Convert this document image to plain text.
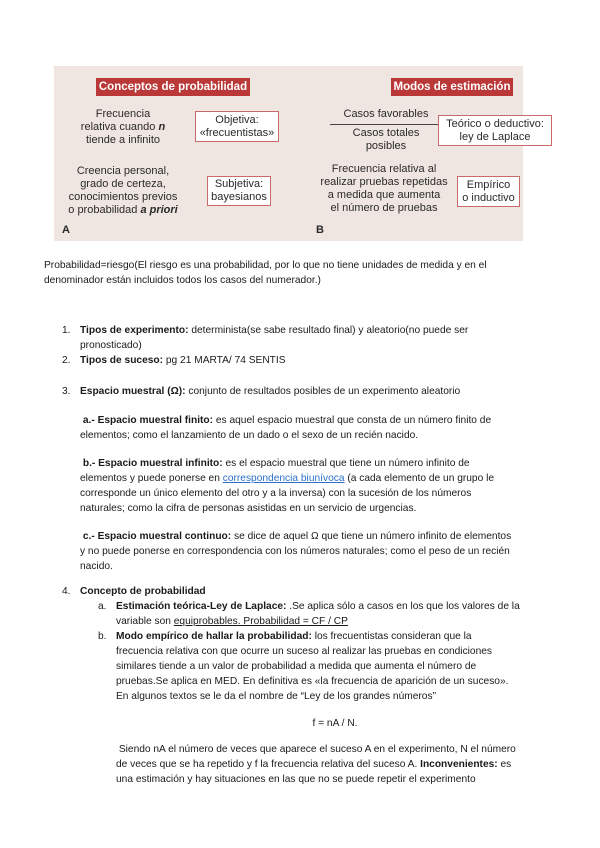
Conceptos de probabilidad
Frecuencia
relativa cuando n
tiende a infinito
Objetiva:
«frecuentistas»
Creencia personal,
grado de certeza,
conocimientos previos
o probabilidad a priori
Subjetiva:
bayesianos
A
Modos de estimación
Casos favorables
Casos totales
posibles
Teórico o deductivo:
ley de Laplace
Frecuencia relativa al
realizar pruebas repetidas
a medida que aumenta
el número de pruebas
Empírico
o inductivo
B
Probabilidad=riesgo(El riesgo es una probabilidad, por lo que no tiene unidades de medida y en el
denominador están incluidos todos los casos del numerador.)
1. Tipos de experimento: determinista(se sabe resultado final) y aleatorio(no puede ser
pronosticado)
2. Tipos de suceso: pg 21 MARTA/ 74 SENTIS
3. Espacio muestral (Ω): conjunto de resultados posibles de un experimento aleatorio
a.- Espacio muestral finito: es aquel espacio muestral que consta de un número finito de
elementos; como el lanzamiento de un dado o el sexo de un recién nacido.
b.- Espacio muestral infinito: es el espacio muestral que tiene un número infinito de
elementos y puede ponerse en correspondencia biunívoca (a cada elemento de un grupo le
corresponde un único elemento del otro y a la inversa) con la sucesión de los números
naturales; como la cifra de personas asistidas en un servicio de urgencias.
c.- Espacio muestral continuo: se dice de aquel Ω que tiene un número infinito de elementos
y no puede ponerse en correspondencia con los números naturales; como el peso de un recién
nacido.
4. Concepto de probabilidad
a. Estimación teórica-Ley de Laplace: .Se aplica sólo a casos en los que los valores de la
variable son equiprobables. Probabilidad = CF / CP
b. Modo empírico de hallar la probabilidad: los frecuentistas consideran que la
frecuencia relativa con que ocurre un suceso al realizar las pruebas en condiciones
similares tiende a un valor de probabilidad a medida que aumenta el número de
pruebas.Se aplica en MED. En definitiva es «la frecuencia de aparición de un suceso».
En algunos textos se le da el nombre de “Ley de los grandes números”
f = nA / N.
Siendo nA el número de veces que aparece el suceso A en el experimento, N el número
de veces que se ha repetido y f la frecuencia relativa del suceso A. Inconvenientes: es
una estimación y hay situaciones en las que no se puede repetir el experimento
